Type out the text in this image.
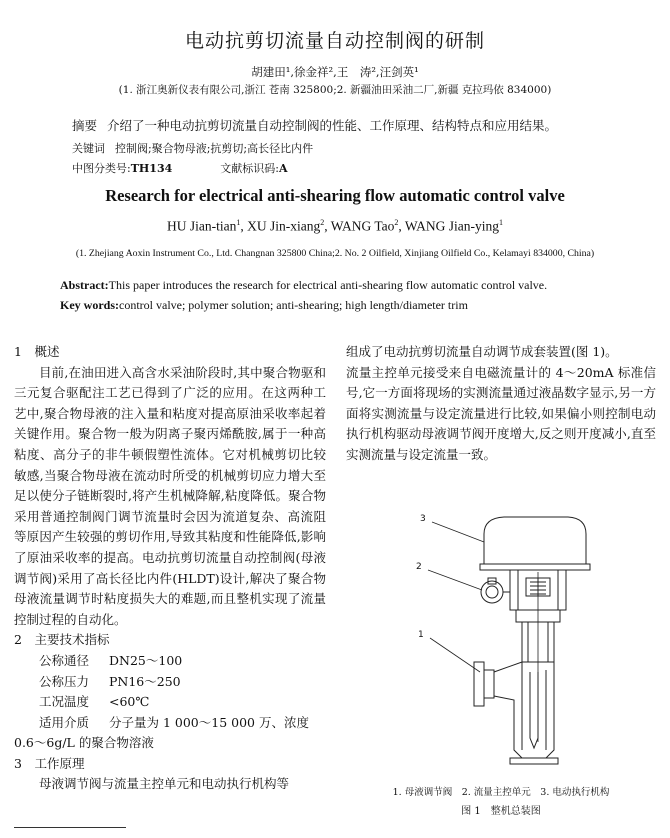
电动抗剪切流量自动控制阀的研制
胡建田¹,徐金祥²,王　涛²,汪剑英¹
(1. 浙江奥新仪表有限公司,浙江 苍南 325800;2. 新疆油田采油二厂,新疆 克拉玛依 834000)
摘要 介绍了一种电动抗剪切流量自动控制阀的性能、工作原理、结构特点和应用结果。
关键词 控制阀;聚合物母液;抗剪切;高长径比内件
中图分类号:TH134	文献标识码:A
Research for electrical anti-shearing flow automatic control valve
HU Jian-tian$^1$, XU Jin-xiang$^2$, WANG Tao$^2$, WANG Jian-ying$^1$
(1. Zhejiang Aoxin Instrument Co., Ltd. Changnan 325800 China;2. No. 2 Oilfield, Xinjiang Oilfield Co., Kelamayi 834000, China)
Abstract:This paper introduces the research for electrical anti-shearing flow automatic control valve.
Key words:control valve; polymer solution; anti-shearing; high length/diameter trim
1　概述
目前,在油田进入高含水采油阶段时,其中聚合物驱和三元复合驱配注工艺已得到了广泛的应用。在这两种工艺中,聚合物母液的注入量和粘度对提高原油采收率起着关键作用。聚合物一般为阴离子聚丙烯酰胺,属于一种高粘度、高分子的非牛顿假塑性流体。它对机械剪切比较敏感,当聚合物母液在流动时所受的机械剪切应力增大至足以使分子链断裂时,将产生机械降解,粘度降低。聚合物采用普通控制阀门调节流量时会因为流道复杂、高流阻等原因产生较强的剪切作用,导致其粘度和性能降低,影响了原油采收率的提高。电动抗剪切流量自动控制阀(母液调节阀)采用了高长径比内件(HLDT)设计,解决了聚合物母液流量调节时粘度损失大的难题,而且整机实现了流量控制过程的自动化。
2　主要技术指标
公称通径 DN25～100
公称压力 PN16～250
工况温度 <60℃
适用介质 分子量为 1 000～15 000 万、浓度
0.6～6g/L 的聚合物溶液
3　工作原理
母液调节阀与流量主控单元和电动执行机构等
组成了电动抗剪切流量自动调节成套装置(图 1)。
流量主控单元接受来自电磁流量计的 4～20mA 标准信号,它一方面将现场的实测流量通过液晶数字显示,另一方面将实测流量与设定流量进行比较,如果偏小则控制电动执行机构驱动母液调节阀开度增大,反之则开度减小,直至实测流量与设定流量一致。
3
2
1
1. 母液调节阀　2. 流量主控单元　3. 电动执行机构
图 1　整机总装图
